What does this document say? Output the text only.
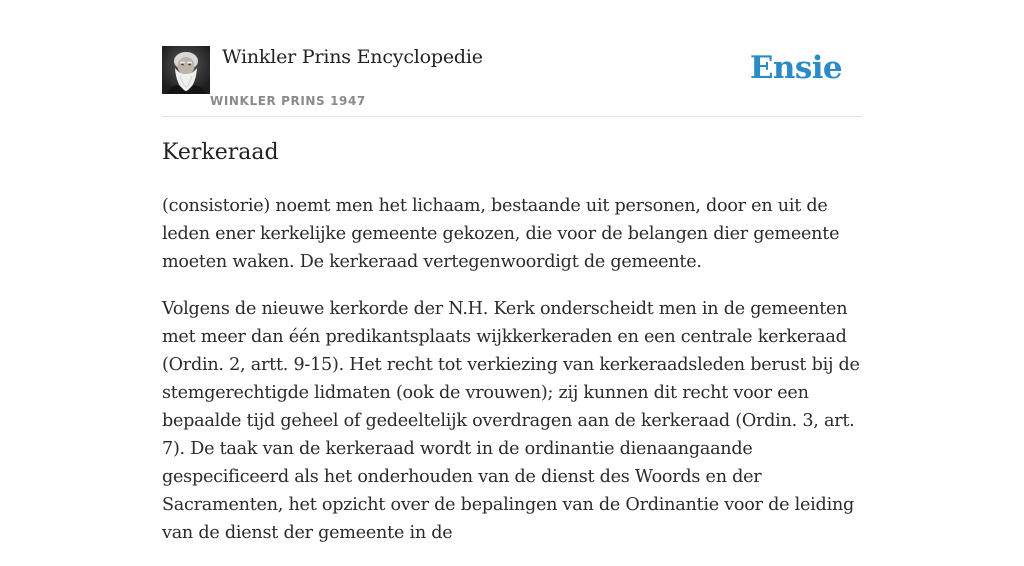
Winkler Prins Encyclopedie
WINKLER PRINS 1947
Ensie
Kerkeraad

(consistorie) noemt men het lichaam, bestaande uit personen, door en uit de leden ener kerkelijke gemeente gekozen, die voor de belangen dier gemeente moeten waken. De kerkeraad vertegenwoordigt de gemeente.

Volgens de nieuwe kerkorde der N.H. Kerk onderscheidt men in de gemeenten met meer dan één predikantsplaats wijkkerkeraden en een centrale kerkeraad (Ordin. 2, artt. 9-15). Het recht tot verkiezing van kerkeraadsleden berust bij de stemgerechtigde lidmaten (ook de vrouwen); zij kunnen dit recht voor een bepaalde tijd geheel of gedeeltelijk overdragen aan de kerkeraad (Ordin. 3, art. 7). De taak van de kerkeraad wordt in de ordinantie dienaangaande gespecificeerd als het onderhouden van de dienst des Woords en der Sacramenten, het opzicht over de bepalingen van de Ordinantie voor de leiding van de dienst der gemeente in de
